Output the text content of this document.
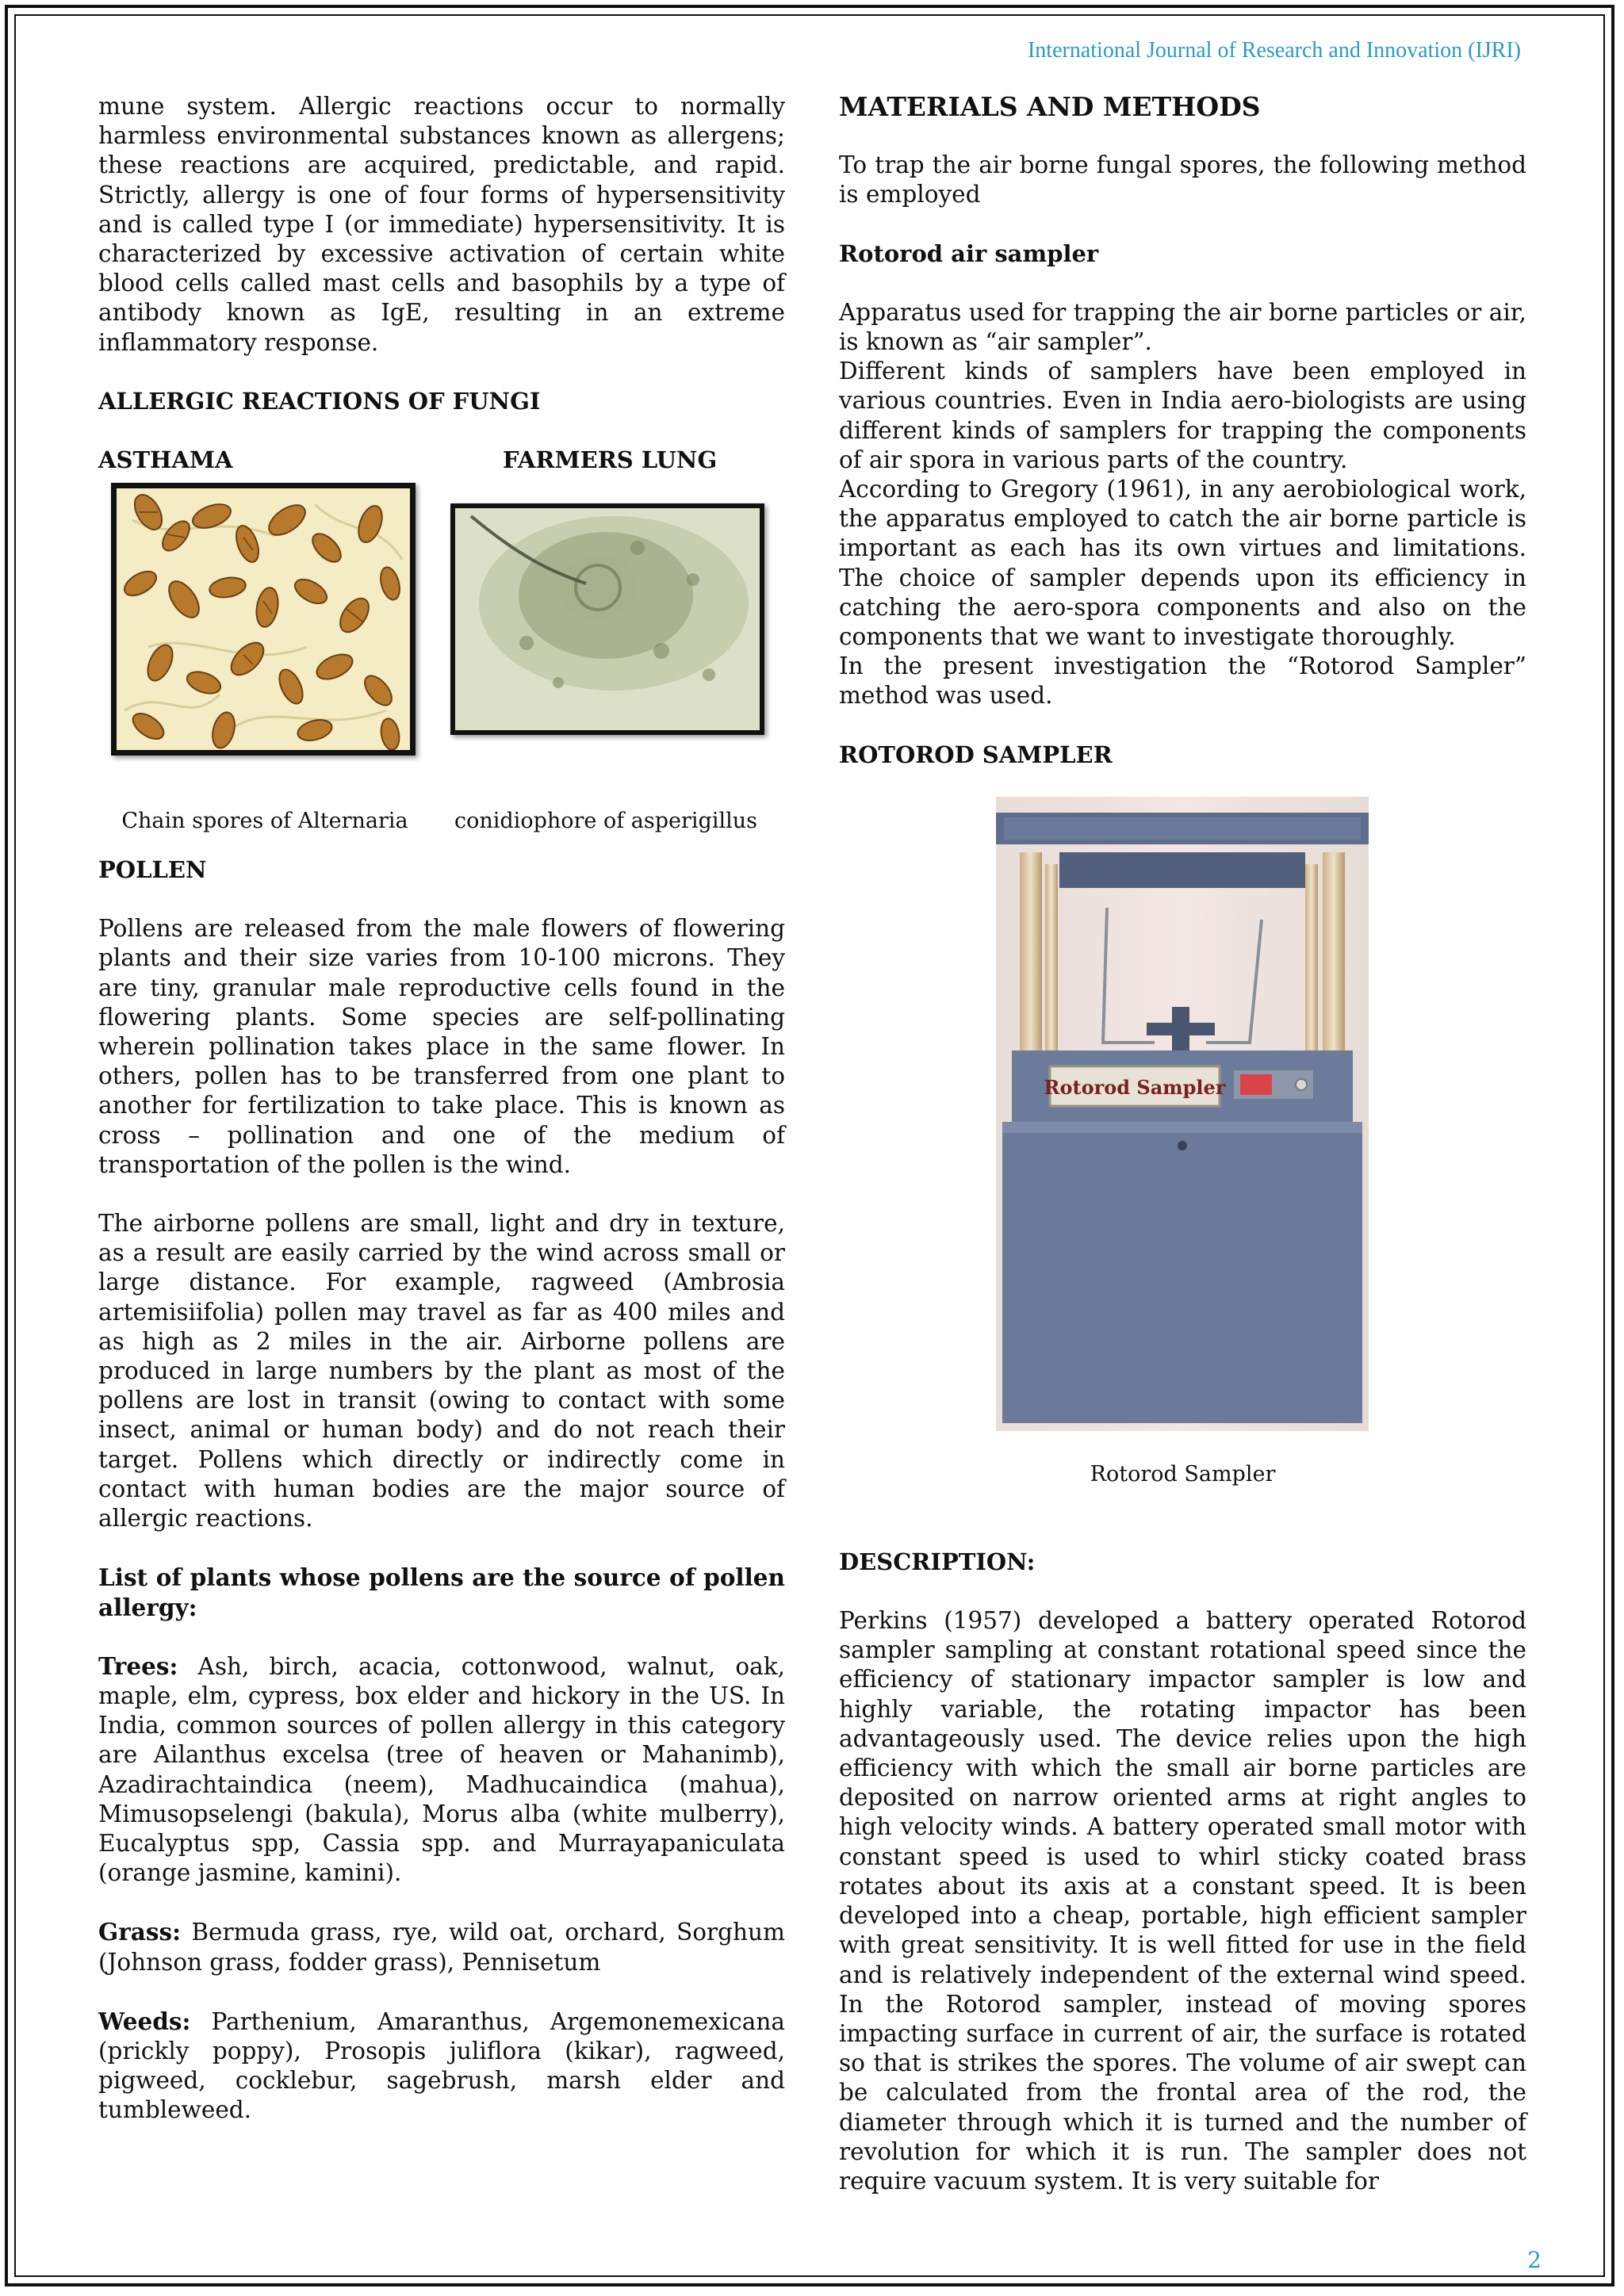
International Journal of Research and Innovation (IJRI)

mune system. Allergic reactions occur to normally harmless environmental substances known as allergens; these reactions are acquired, predictable, and rapid. Strictly, allergy is one of four forms of hypersensitivity and is called type I (or immediate) hypersensitivity. It is characterized by excessive activation of certain white blood cells called mast cells and basophils by a type of antibody known as IgE, resulting in an extreme inflammatory response.

ALLERGIC REACTIONS OF FUNGI
ASTHAMA	FARMERS LUNG
Chain spores of Alternaria	conidiophore of asperigillus
POLLEN

Pollens are released from the male flowers of flowering plants and their size varies from 10-100 microns. They are tiny, granular male reproductive cells found in the flowering plants. Some species are self-pollinating wherein pollination takes place in the same flower. In others, pollen has to be transferred from one plant to another for fertilization to take place. This is known as cross – pollination and one of the medium of transportation of the pollen is the wind.

The airborne pollens are small, light and dry in texture, as a result are easily carried by the wind across small or large distance. For example, ragweed (Ambrosia artemisiifolia) pollen may travel as far as 400 miles and as high as 2 miles in the air. Airborne pollens are produced in large numbers by the plant as most of the pollens are lost in transit (owing to contact with some insect, animal or human body) and do not reach their target. Pollens which directly or indirectly come in contact with human bodies are the major source of allergic reactions.

List of plants whose pollens are the source of pollen allergy:

Trees: Ash, birch, acacia, cottonwood, walnut, oak, maple, elm, cypress, box elder and hickory in the US. In India, common sources of pollen allergy in this category are Ailanthus excelsa (tree of heaven or Mahanimb), Azadirachtaindica (neem), Madhucaindica (mahua), Mimusopselengi (bakula), Morus alba (white mulberry), Eucalyptus spp, Cassia spp. and Murrayapaniculata (orange jasmine, kamini).

Grass: Bermuda grass, rye, wild oat, orchard, Sorghum (Johnson grass, fodder grass), Pennisetum

Weeds: Parthenium, Amaranthus, Argemonemexicana (prickly poppy), Prosopis juliflora (kikar), ragweed, pigweed, cocklebur, sagebrush, marsh elder and tumbleweed.

MATERIALS AND METHODS

To trap the air borne fungal spores, the following method is employed

Rotorod air sampler

Apparatus used for trapping the air borne particles or air, is known as “air sampler”.

Different kinds of samplers have been employed in various countries. Even in India aero-biologists are using different kinds of samplers for trapping the components of air spora in various parts of the country.

According to Gregory (1961), in any aerobiological work, the apparatus employed to catch the air borne particle is important as each has its own virtues and limitations. The choice of sampler depends upon its efficiency in catching the aero-spora components and also on the components that we want to investigate thoroughly.

In the present investigation the “Rotorod Sampler” method was used.

ROTOROD SAMPLER
Rotorod Sampler
Rotorod Sampler
DESCRIPTION:

Perkins (1957) developed a battery operated Rotorod sampler sampling at constant rotational speed since the efficiency of stationary impactor sampler is low and highly variable, the rotating impactor has been advantageously used. The device relies upon the high efficiency with which the small air borne particles are deposited on narrow oriented arms at right angles to high velocity winds. A battery operated small motor with constant speed is used to whirl sticky coated brass rotates about its axis at a constant speed. It is been developed into a cheap, portable, high efficient sampler with great sensitivity. It is well fitted for use in the field and is relatively independent of the external wind speed. In the Rotorod sampler, instead of moving spores impacting surface in current of air, the surface is rotated so that is strikes the spores. The volume of air swept can be calculated from the frontal area of the rod, the diameter through which it is turned and the number of revolution for which it is run. The sampler does not require vacuum system. It is very suitable for

2
